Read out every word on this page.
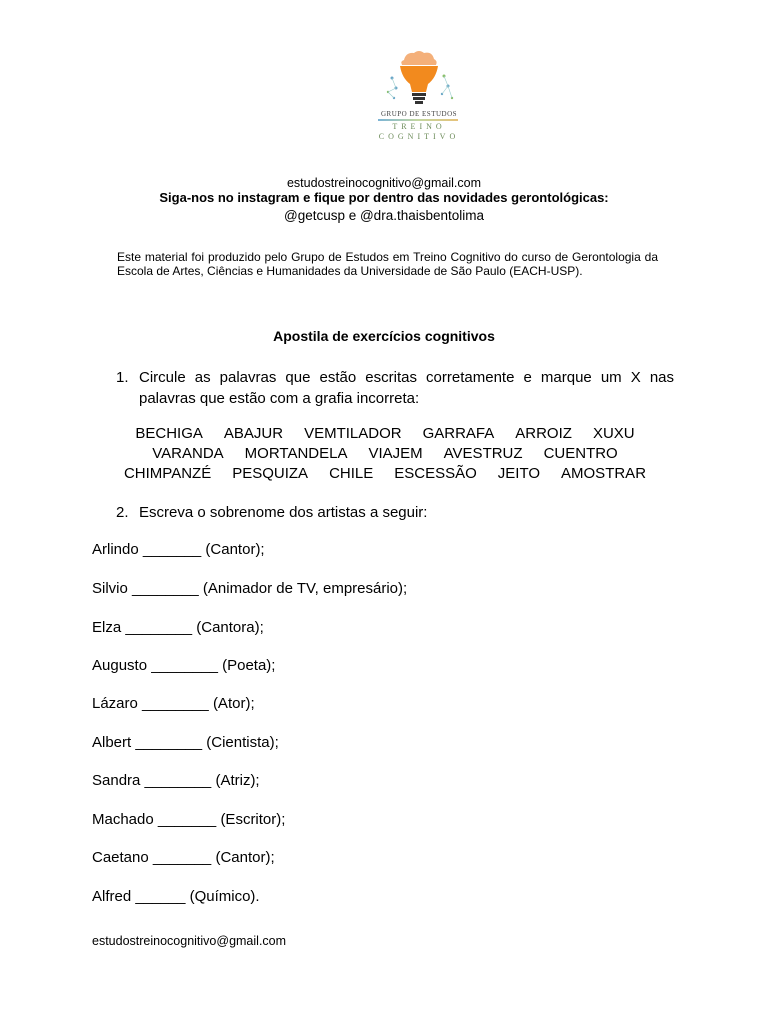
GRUPO DE ESTUDOS
TREINO
COGNITIVO
estudostreinocognitivo@gmail.com
Siga-nos no instagram e fique por dentro das novidades gerontológicas:
@getcusp e @dra.thaisbentolima
Este material foi produzido pelo Grupo de Estudos em Treino Cognitivo do curso de Gerontologia da Escola de Artes, Ciências e Humanidades da Universidade de São Paulo (EACH-USP).
Apostila de exercícios cognitivos
1. Circule as palavras que estão escritas corretamente e marque um X nas palavras que estão com a grafia incorreta:
BECHIGA ABAJUR VEMTILADOR GARRAFA ARROIZ XUXU
VARANDA MORTANDELA VIAJEM AVESTRUZ CUENTRO
CHIMPANZÉ PESQUIZA CHILE ESCESSÃO JEITO AMOSTRAR
2. Escreva o sobrenome dos artistas a seguir:
Arlindo _______ (Cantor);
Silvio ________ (Animador de TV, empresário);
Elza ________ (Cantora);
Augusto ________ (Poeta);
Lázaro ________ (Ator);
Albert ________ (Cientista);
Sandra ________ (Atriz);
Machado _______ (Escritor);
Caetano _______ (Cantor);
Alfred ______ (Químico).
estudostreinocognitivo@gmail.com
